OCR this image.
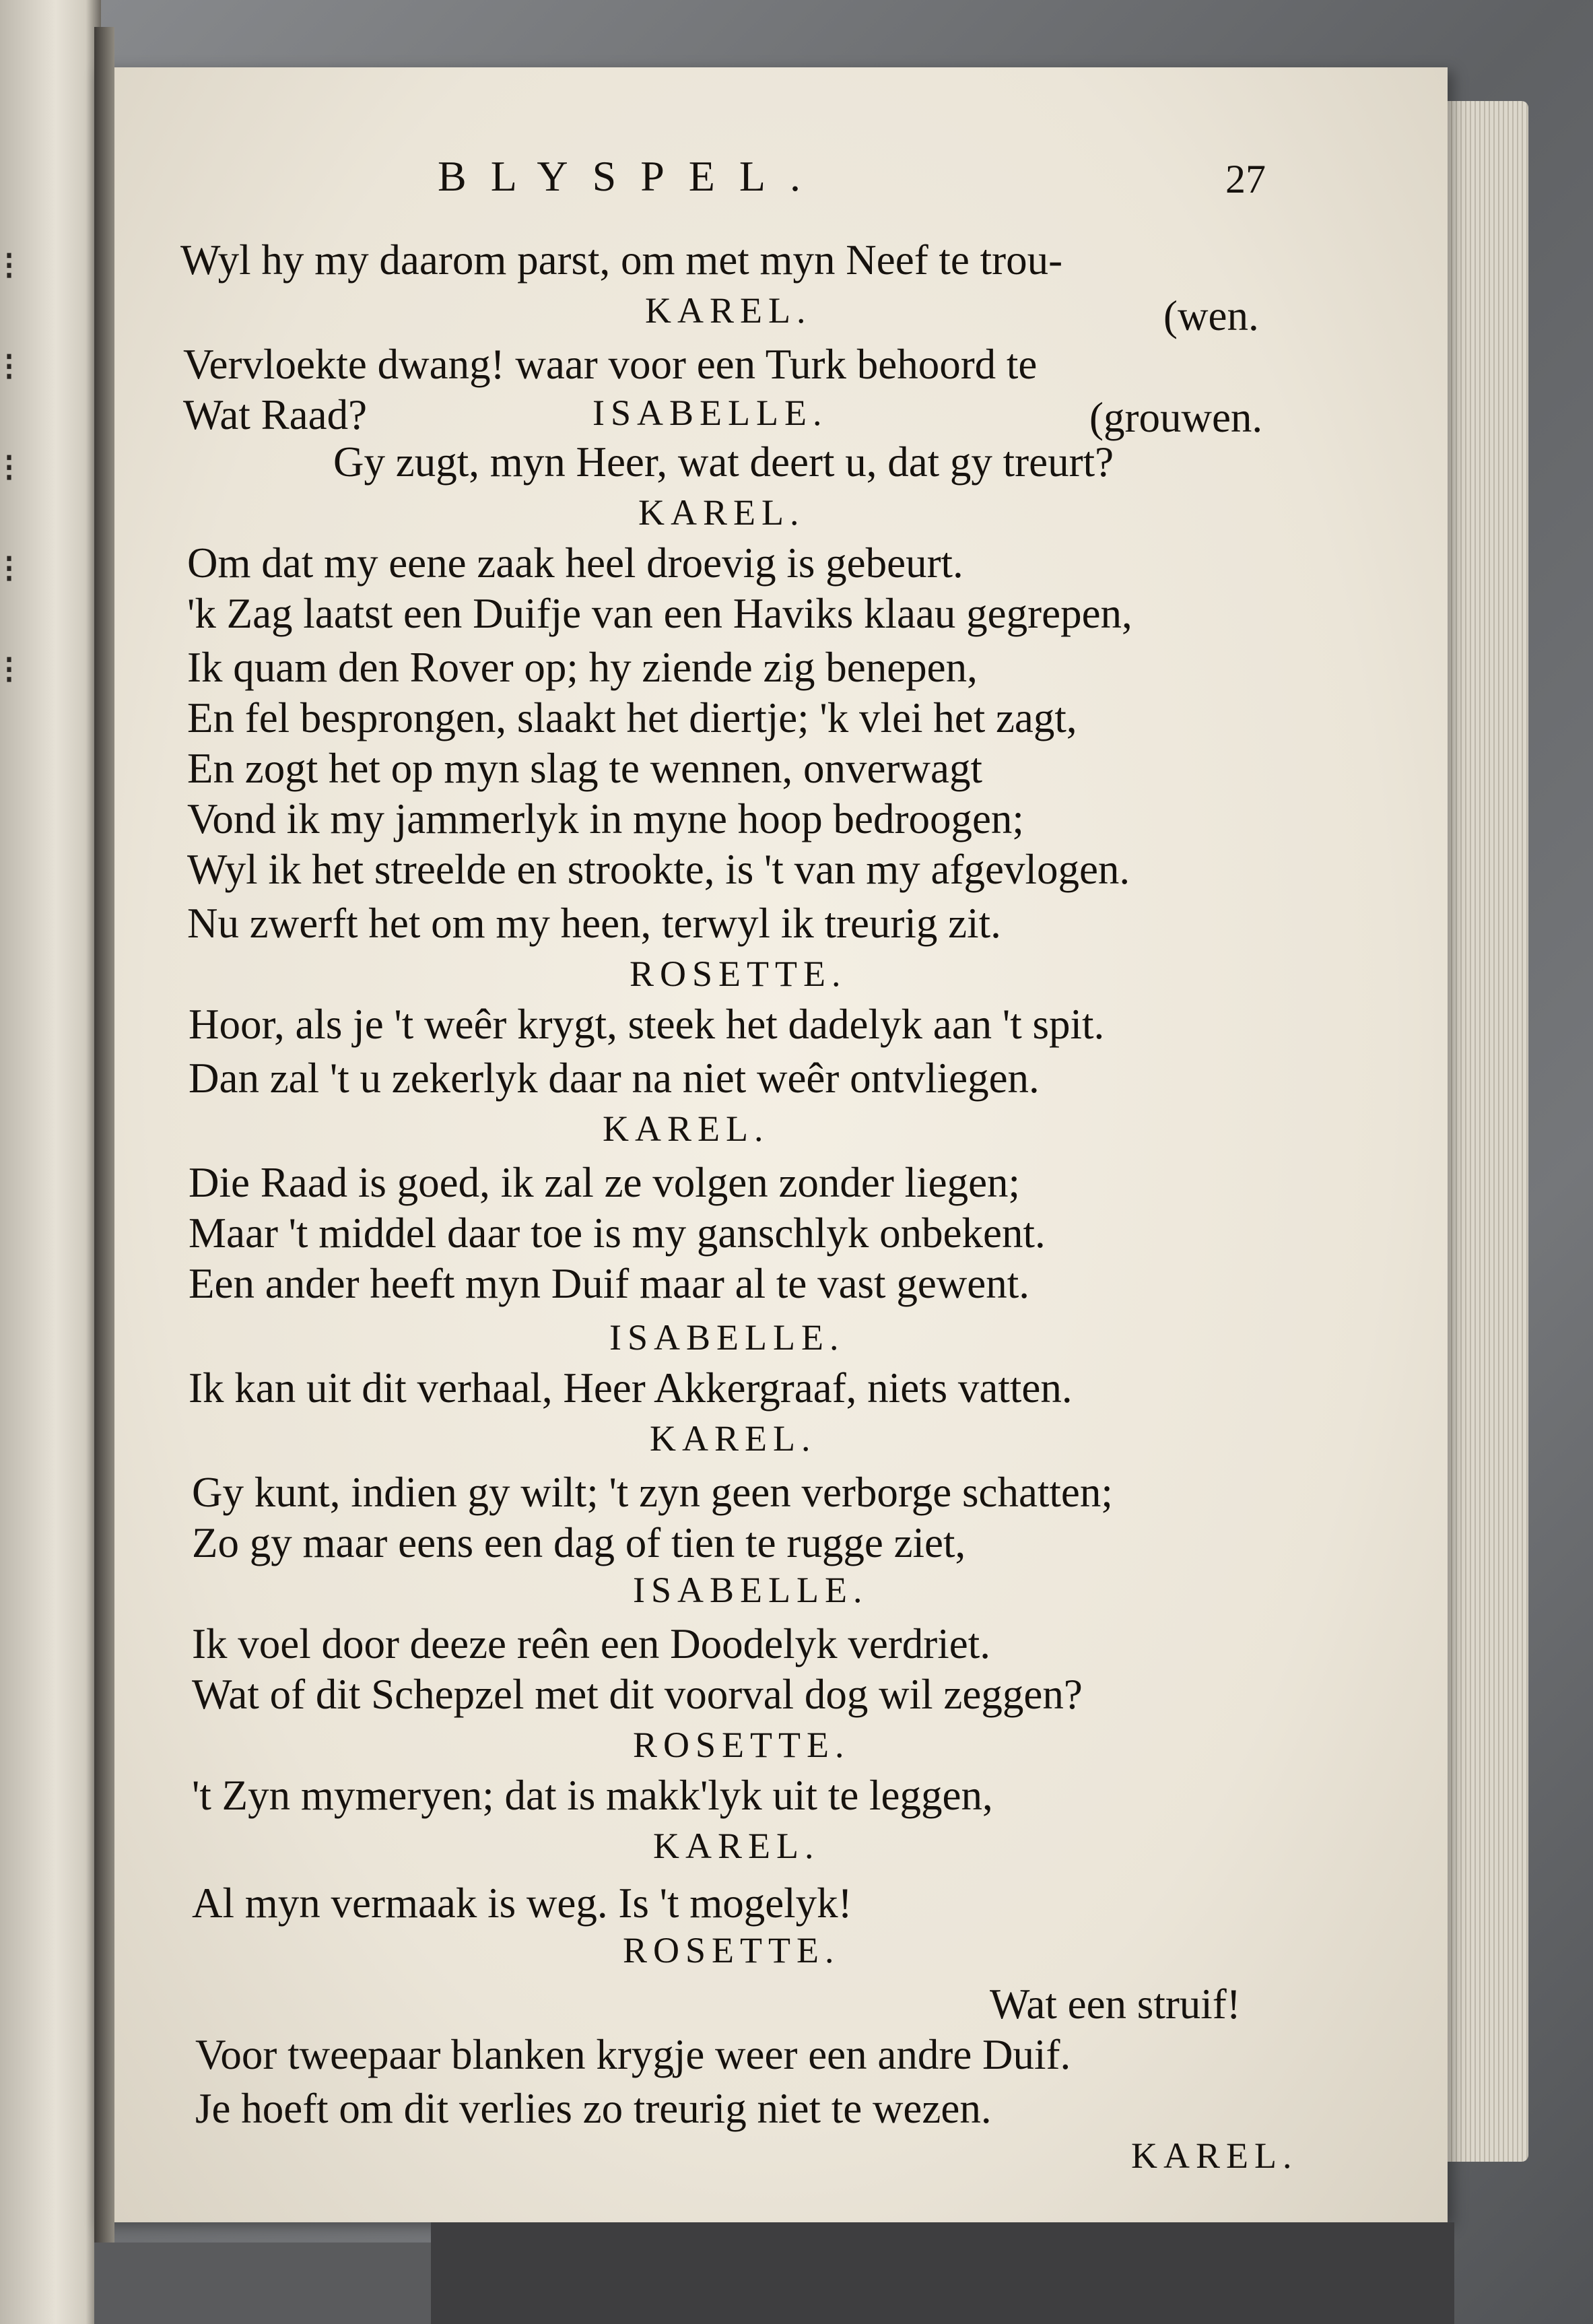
⁝ ⁝ ⁝ ⁝ ⁝
BLYSPEL.	27
Wyl hy my daarom parst, om met myn Neef te trou-
KAREL.	(wen.
Vervloekte dwang! waar voor een Turk behoord te
Wat Raad?	ISABELLE.	(grouwen.
Gy zugt, myn Heer, wat deert u, dat gy treurt?
KAREL.
Om dat my eene zaak heel droevig is gebeurt.
'k Zag laatst een Duifje van een Haviks klaau gegrepen,
Ik quam den Rover op; hy ziende zig benepen,
En fel besprongen, slaakt het diertje; 'k vlei het zagt,
En zogt het op myn slag te wennen, onverwagt
Vond ik my jammerlyk in myne hoop bedroogen;
Wyl ik het streelde en strookte, is 't van my afgevlogen.
Nu zwerft het om my heen, terwyl ik treurig zit.
ROSETTE.
Hoor, als je 't weêr krygt, steek het dadelyk aan 't spit.
Dan zal 't u zekerlyk daar na niet weêr ontvliegen.
KAREL.
Die Raad is goed, ik zal ze volgen zonder liegen;
Maar 't middel daar toe is my ganschlyk onbekent.
Een ander heeft myn Duif maar al te vast gewent.
ISABELLE.
Ik kan uit dit verhaal, Heer Akkergraaf, niets vatten.
KAREL.
Gy kunt, indien gy wilt; 't zyn geen verborge schatten;
Zo gy maar eens een dag of tien te rugge ziet,
ISABELLE.
Ik voel door deeze reên een Doodelyk verdriet.
Wat of dit Schepzel met dit voorval dog wil zeggen?
ROSETTE.
't Zyn mymeryen; dat is makk'lyk uit te leggen,
KAREL.
Al myn vermaak is weg. Is 't mogelyk!
ROSETTE.
Wat een struif!
Voor tweepaar blanken krygje weer een andre Duif.
Je hoeft om dit verlies zo treurig niet te wezen.
KAREL.
